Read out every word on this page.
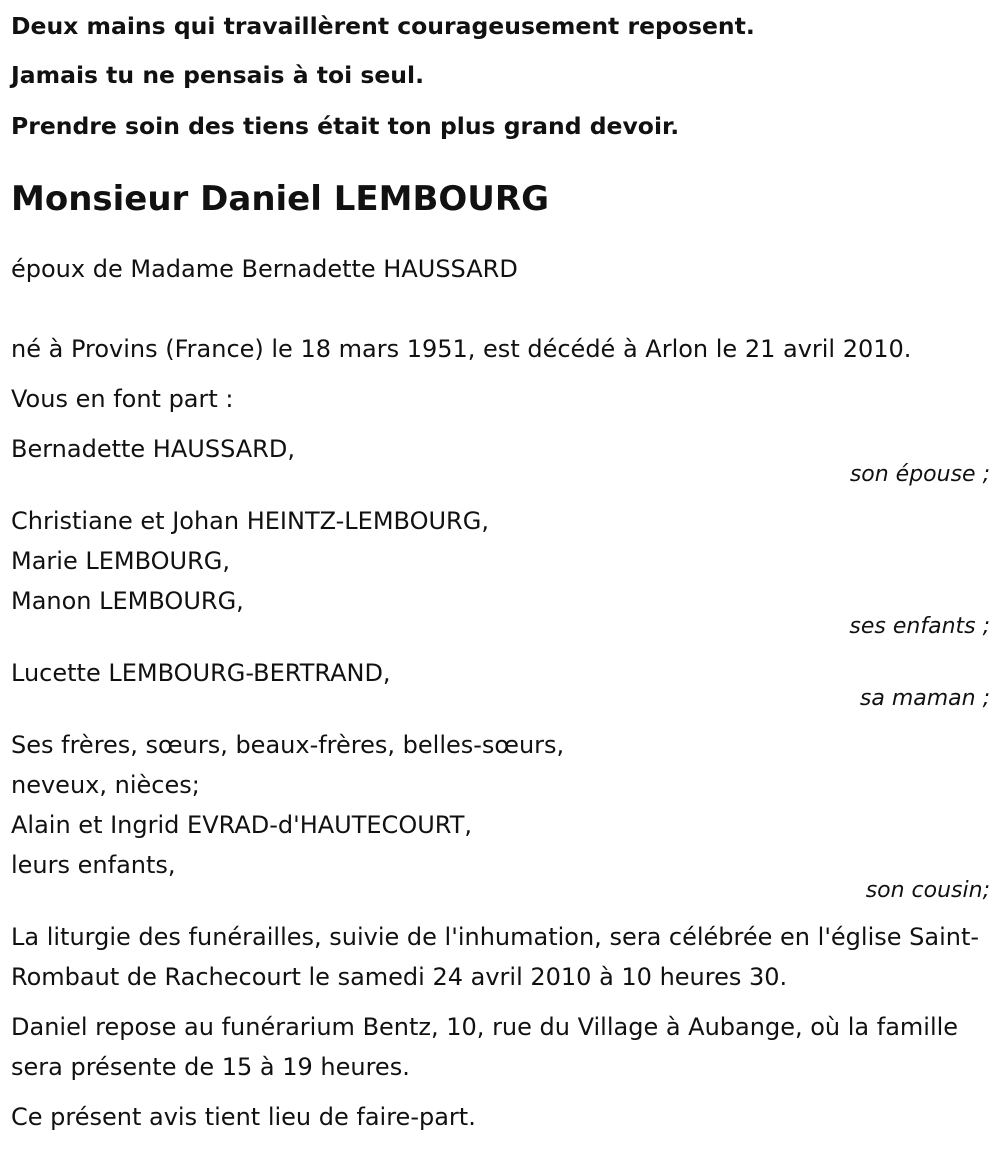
Deux mains qui travaillèrent courageusement reposent.

Jamais tu ne pensais à toi seul.

Prendre soin des tiens était ton plus grand devoir.

Monsieur Daniel LEMBOURG

époux de Madame Bernadette HAUSSARD

né à Provins (France) le 18 mars 1951, est décédé à Arlon le 21 avril 2010.

Vous en font part :

Bernadette HAUSSARD,

son épouse ;

Christiane et Johan HEINTZ-LEMBOURG,

Marie LEMBOURG,

Manon LEMBOURG,

ses enfants ;

Lucette LEMBOURG-BERTRAND,

sa maman ;

Ses frères, sœurs, beaux-frères, belles-sœurs,

neveux, nièces;

Alain et Ingrid EVRAD-d'HAUTECOURT,

leurs enfants,

son cousin;

La liturgie des funérailles, suivie de l'inhumation, sera célébrée en l'église Saint-Rombaut de Rachecourt le samedi 24 avril 2010 à 10 heures 30.

Daniel repose au funérarium Bentz, 10, rue du Village à Aubange, où la famille sera présente de 15 à 19 heures.

Ce présent avis tient lieu de faire-part.
